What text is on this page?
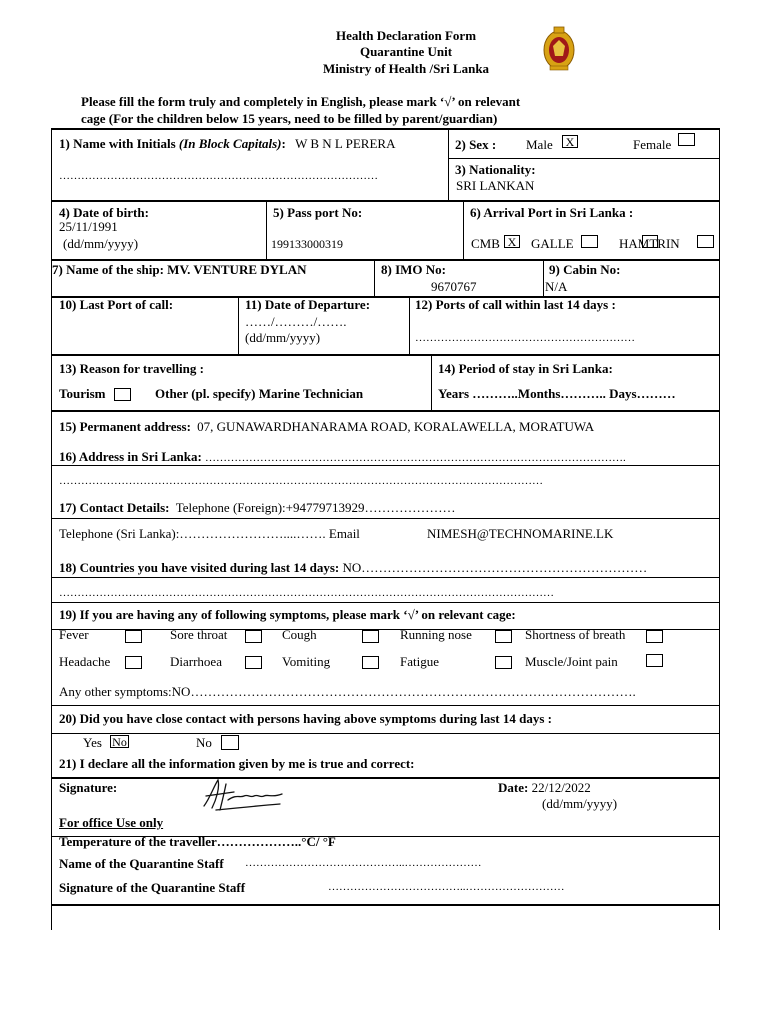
Health Declaration Form
Quarantine Unit
Ministry of Health /Sri Lanka
Please fill the form truly and completely in English, please mark ‘√’ on relevant
cage (For the children below 15 years, need to be filled by parent/guardian)
1) Name with Initials (In Block Capitals): W B N L PERERA
……………………………………………………………………………
2) Sex : Male	X	Female
3) Nationality:
SRI LANKAN
4) Date of birth:
25/11/1991
(dd/mm/yyyy)
5) Pass port No:
199133000319
6) Arrival Port in Sri Lanka :
CMB X GALLE	HAMTRIN
7) Name of the ship: MV. VENTURE DYLAN	8) IMO No:
9670767
9) Cabin No:
N/A
10) Last Port of call:	11) Date of Departure:
……/………/…….
(dd/mm/yyyy)
12) Ports of call within last 14 days :
……………………………………………………
13) Reason for travelling :
Tourism	Other (pl. specify) Marine Technician
14) Period of stay in Sri Lanka:
Years ………..Months……….. Days………
15) Permanent address: 07, GUNAWARDHANARAMA ROAD, KORALAWELLA, MORATUWA
16) Address in Sri Lanka: …………………………………………………………………………………………………….
……………………………………………………………………………………………………………………
17) Contact Details: Telephone (Foreign):+94779713929…………………
Telephone (Sri Lanka):……………………....……. Email	NIMESH@TECHNOMARINE.LK
18) Countries you have visited during last 14 days: NO…………………………………………………………
………………………………………………………………………………………………………………………
19) If you are having any of following symptoms, please mark ‘√’ on relevant cage:
Fever	Sore throat	Cough	Running nose	Shortness of breath
Headache	Diarrhoea	Vomiting	Fatigue	Muscle/Joint pain
Any other symptoms:NO………………………………………………………………………………………….
20) Did you have close contact with persons having above symptoms during last 14 days :
Yes No	No
21) I declare all the information given by me is true and correct:
Signature:	Date: 22/12/2022
(dd/mm/yyyy)
For office Use only
Temperature of the traveller………………..°C/ °F
Name of the Quarantine Staff ……………………………………..…………………
Signature of the Quarantine Staff	………………………………..………………………
